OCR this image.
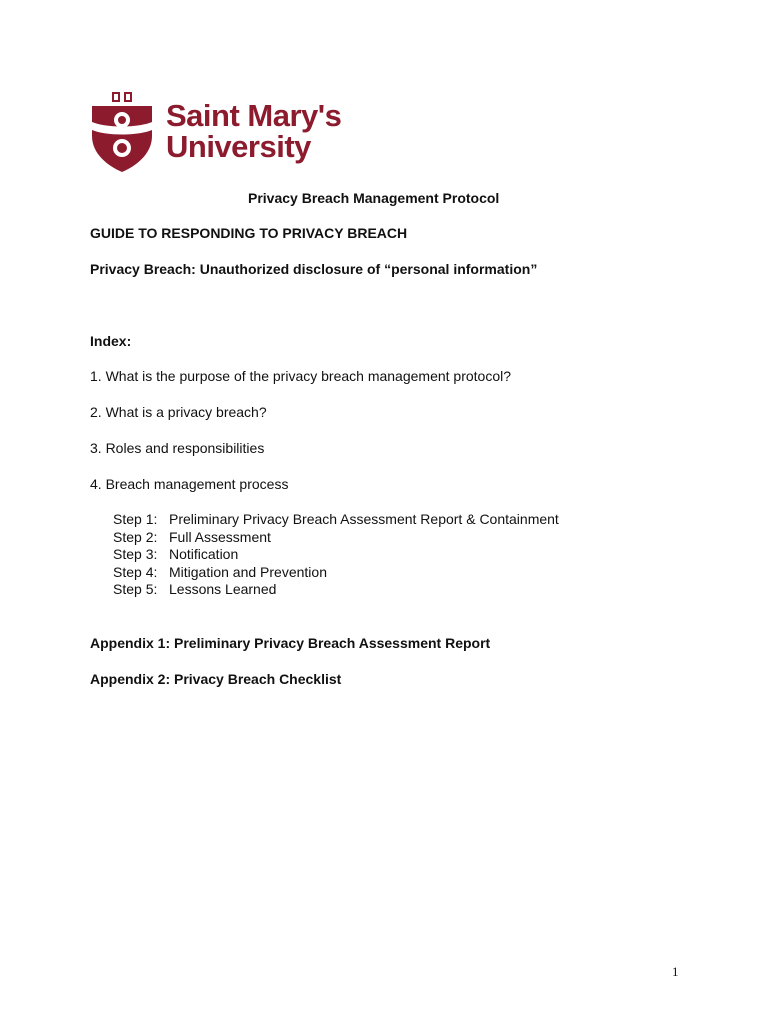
Saint Mary's
University
Privacy Breach Management Protocol
GUIDE TO RESPONDING TO PRIVACY BREACH
Privacy Breach: Unauthorized disclosure of “personal information”
Index:
1. What is the purpose of the privacy breach management protocol?
2. What is a privacy breach?
3. Roles and responsibilities
4. Breach management process
Step 1: Preliminary Privacy Breach Assessment Report & Containment
Step 2: Full Assessment
Step 3: Notification
Step 4: Mitigation and Prevention
Step 5: Lessons Learned
Appendix 1: Preliminary Privacy Breach Assessment Report
Appendix 2: Privacy Breach Checklist
1
